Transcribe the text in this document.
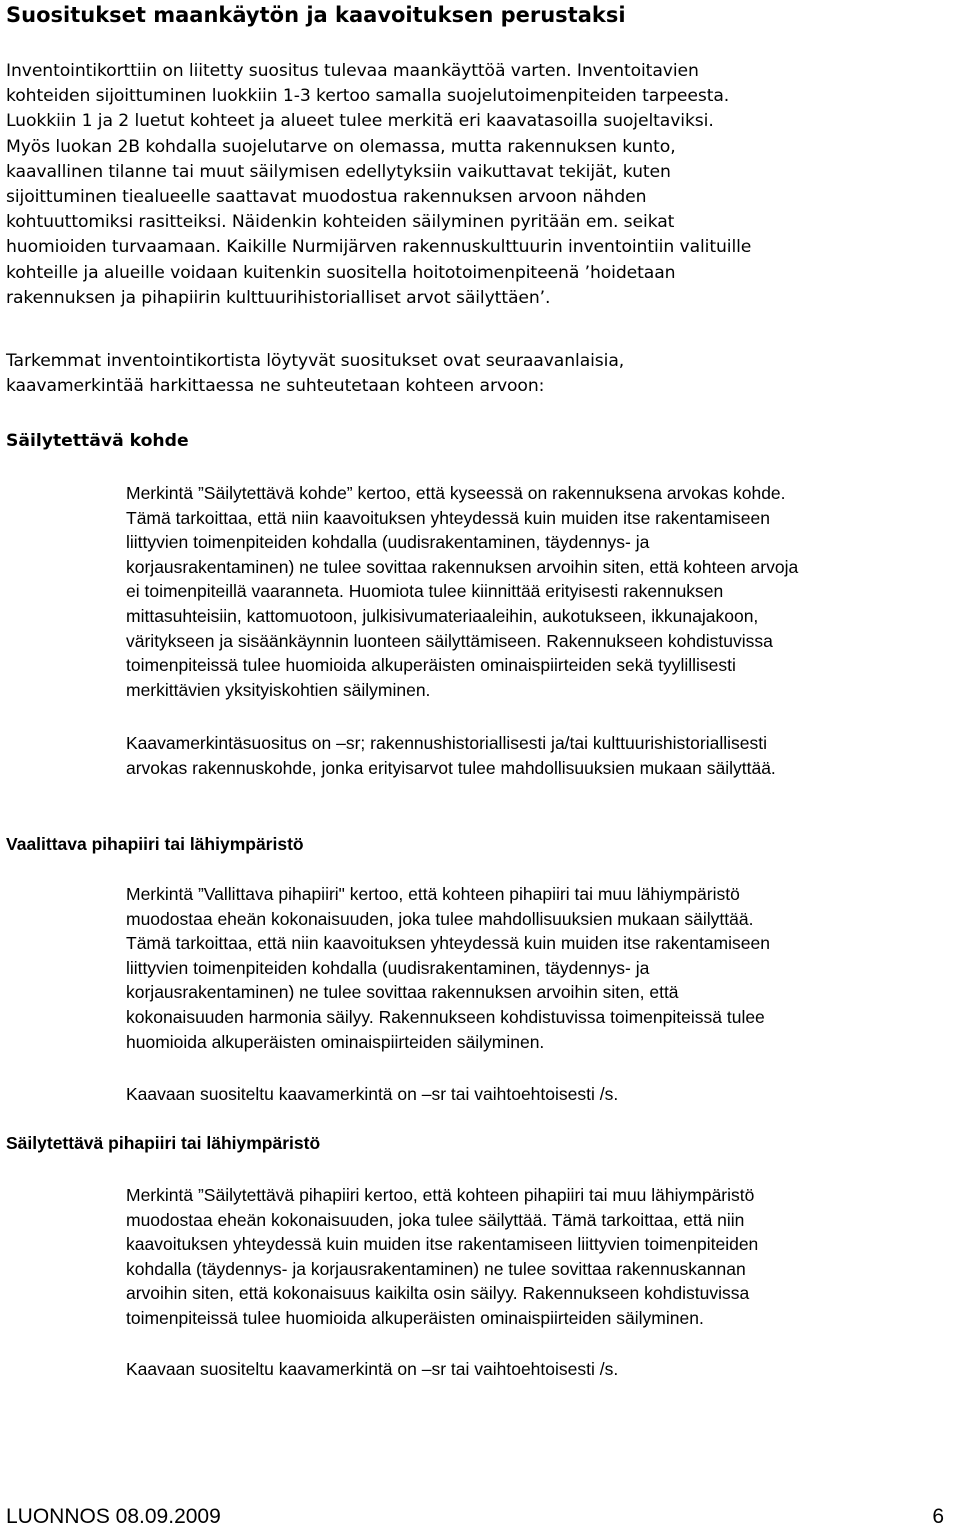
Suositukset maankäytön ja kaavoituksen perustaksi

Inventointikorttiin on liitetty suositus tulevaa maankäyttöä varten. Inventoitavien
kohteiden sijoittuminen luokkiin 1-3 kertoo samalla suojelutoimenpiteiden tarpeesta.
Luokkiin 1 ja 2 luetut kohteet ja alueet tulee merkitä eri kaavatasoilla suojeltaviksi.
Myös luokan 2B kohdalla suojelutarve on olemassa, mutta rakennuksen kunto,
kaavallinen tilanne tai muut säilymisen edellytyksiin vaikuttavat tekijät, kuten
sijoittuminen tiealueelle saattavat muodostua rakennuksen arvoon nähden
kohtuuttomiksi rasitteiksi. Näidenkin kohteiden säilyminen pyritään em. seikat
huomioiden turvaamaan. Kaikille Nurmijärven rakennuskulttuurin inventointiin valituille
kohteille ja alueille voidaan kuitenkin suositella hoitotoimenpiteenä ’hoidetaan
rakennuksen ja pihapiirin kulttuurihistorialliset arvot säilyttäen’.

Tarkemmat inventointikortista löytyvät suositukset ovat seuraavanlaisia,
kaavamerkintää harkittaessa ne suhteutetaan kohteen arvoon:

Säilytettävä kohde

Merkintä ”Säilytettävä kohde” kertoo, että kyseessä on rakennuksena arvokas kohde.
Tämä tarkoittaa, että niin kaavoituksen yhteydessä kuin muiden itse rakentamiseen
liittyvien toimenpiteiden kohdalla (uudisrakentaminen, täydennys- ja
korjausrakentaminen) ne tulee sovittaa rakennuksen arvoihin siten, että kohteen arvoja
ei toimenpiteillä vaaranneta. Huomiota tulee kiinnittää erityisesti rakennuksen
mittasuhteisiin, kattomuotoon, julkisivumateriaaleihin, aukotukseen, ikkunajakoon,
väritykseen ja sisäänkäynnin luonteen säilyttämiseen. Rakennukseen kohdistuvissa
toimenpiteissä tulee huomioida alkuperäisten ominaispiirteiden sekä tyylillisesti
merkittävien yksityiskohtien säilyminen.

Kaavamerkintäsuositus on –sr; rakennushistoriallisesti ja/tai kulttuurishistoriallisesti
arvokas rakennuskohde, jonka erityisarvot tulee mahdollisuuksien mukaan säilyttää.

Vaalittava pihapiiri tai lähiympäristö

Merkintä ”Vallittava pihapiiri" kertoo, että kohteen pihapiiri tai muu lähiympäristö
muodostaa eheän kokonaisuuden, joka tulee mahdollisuuksien mukaan säilyttää.
Tämä tarkoittaa, että niin kaavoituksen yhteydessä kuin muiden itse rakentamiseen
liittyvien toimenpiteiden kohdalla (uudisrakentaminen, täydennys- ja
korjausrakentaminen) ne tulee sovittaa rakennuksen arvoihin siten, että
kokonaisuuden harmonia säilyy. Rakennukseen kohdistuvissa toimenpiteissä tulee
huomioida alkuperäisten ominaispiirteiden säilyminen.

Kaavaan suositeltu kaavamerkintä on –sr tai vaihtoehtoisesti /s.

Säilytettävä pihapiiri tai lähiympäristö

Merkintä ”Säilytettävä pihapiiri kertoo, että kohteen pihapiiri tai muu lähiympäristö
muodostaa eheän kokonaisuuden, joka tulee säilyttää. Tämä tarkoittaa, että niin
kaavoituksen yhteydessä kuin muiden itse rakentamiseen liittyvien toimenpiteiden
kohdalla (täydennys- ja korjausrakentaminen) ne tulee sovittaa rakennuskannan
arvoihin siten, että kokonaisuus kaikilta osin säilyy. Rakennukseen kohdistuvissa
toimenpiteissä tulee huomioida alkuperäisten ominaispiirteiden säilyminen.

Kaavaan suositeltu kaavamerkintä on –sr tai vaihtoehtoisesti /s.

LUONNOS 08.09.2009	6
